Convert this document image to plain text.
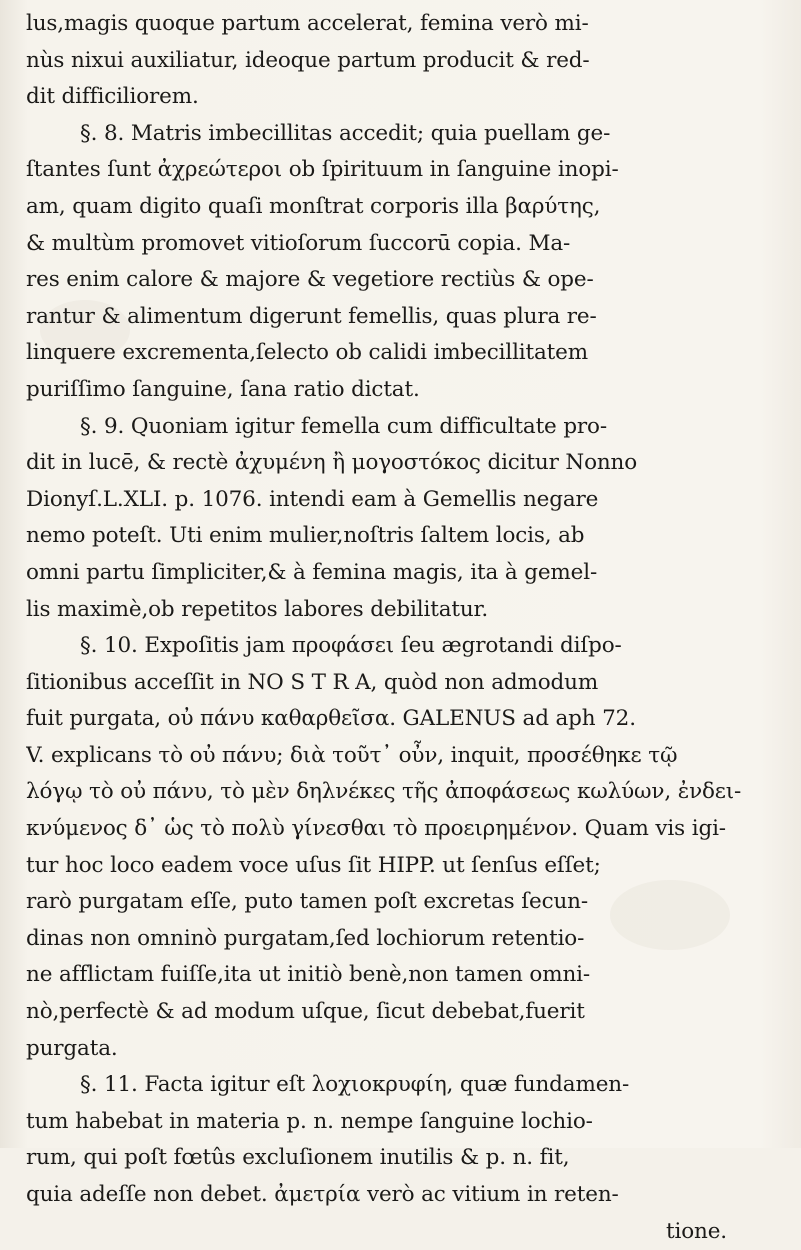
lus,magis quoque partum accelerat, femina verò mi-
nùs nixui auxiliatur, ideoque partum producit & red-
dit difficiliorem.
§. 8. Matris imbecillitas accedit; quia puellam ge-
ſtantes ſunt ἀχρεώτεροι ob ſpirituum in ſanguine inopi-
am, quam digito quaſi monſtrat corporis illa βαρύτης,
& multùm promovet vitioſorum ſuccorū copia. Ma-
res enim calore & majore & vegetiore rectiùs & ope-
rantur & alimentum digerunt femellis, quas plura re-
linquere excrementa,ſelecto ob calidi imbecillitatem
puriſſimo ſanguine, ſana ratio dictat.
§. 9. Quoniam igitur femella cum difficultate pro-
dit in lucē, & rectè ἀχυμένη ἢ μογοστόκος dicitur Nonno
Dionyſ.L.XLI. p. 1076. intendi eam à Gemellis negare
nemo poteſt. Uti enim mulier,noſtris ſaltem locis, ab
omni partu ſimpliciter,& à femina magis, ita à gemel-
lis maximè,ob repetitos labores debilitatur.
§. 10. Expoſitis jam προφάσει ſeu ægrotandi diſpo-
ſitionibus acceſſit in NO S T R A, quòd non admodum
fuit purgata, οὐ πάνυ καθαρθεῖσα. GALENUS ad aph 72.
V. explicans τὸ οὐ πάνυ; διὰ τοῦτ᾽ οὖν, inquit, προσέθηκε τῷ
λόγῳ τὸ οὐ πάνυ, τὸ μὲν δηλνέκες τῆς ἀποφάσεως κωλύων, ἐνδει-
κνύμενος δ᾽ ὡς τὸ πολὺ γίνεσθαι τὸ προειρημένον. Quam vis igi-
tur hoc loco eadem voce uſus ſit HIPP. ut ſenſus eſſet;
rarò purgatam eſſe, puto tamen poſt excretas ſecun-
dinas non omninò purgatam,ſed lochiorum retentio-
ne afflictam fuiſſe,ita ut initiò benè,non tamen omni-
nò,perfectè & ad modum uſque, ſicut debebat,fuerit
purgata.
§. 11. Facta igitur eſt λοχιοκρυφίη, quæ fundamen-
tum habebat in materia p. n. nempe ſanguine lochio-
rum, qui poſt fœtûs excluſionem inutilis & p. n. fit,
quia adeſſe non debet. ἀμετρία verò ac vitium in reten-
tione.
